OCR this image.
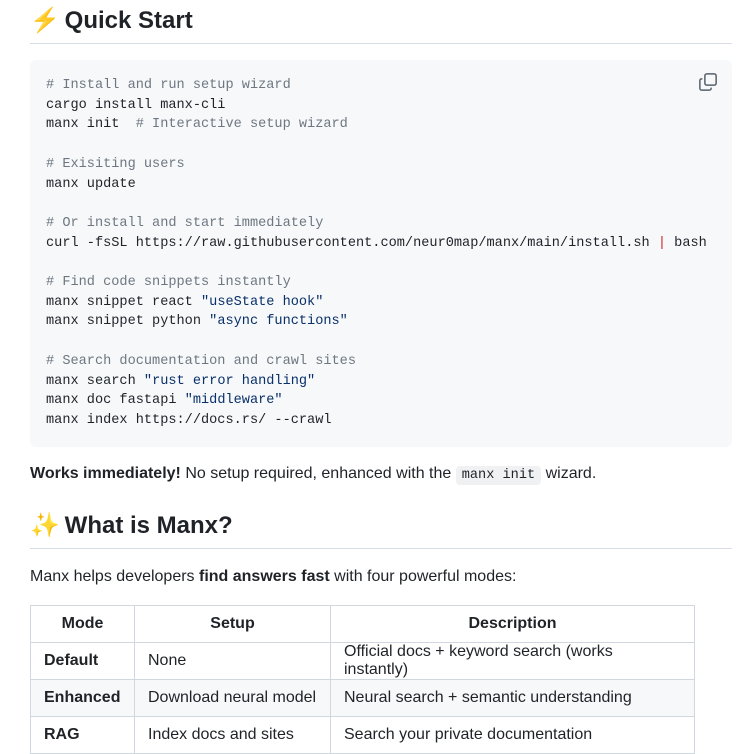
⚡ Quick Start
# Install and run setup wizard
cargo install manx-cli
manx init  # Interactive setup wizard

# Exisiting users
manx update

# Or install and start immediately
curl -fsSL https://raw.githubusercontent.com/neur0map/manx/main/install.sh | bash

# Find code snippets instantly
manx snippet react "useState hook"
manx snippet python "async functions"

# Search documentation and crawl sites
manx search "rust error handling"
manx doc fastapi "middleware"
manx index https://docs.rs/ --crawl

Works immediately! No setup required, enhanced with the manx init wizard.

✨ What is Manx?

Manx helps developers find answers fast with four powerful modes:

Mode	Setup	Description
Default	None	Official docs + keyword search (works instantly)
Enhanced	Download neural model	Neural search + semantic understanding
RAG	Index docs and sites	Search your private documentation
